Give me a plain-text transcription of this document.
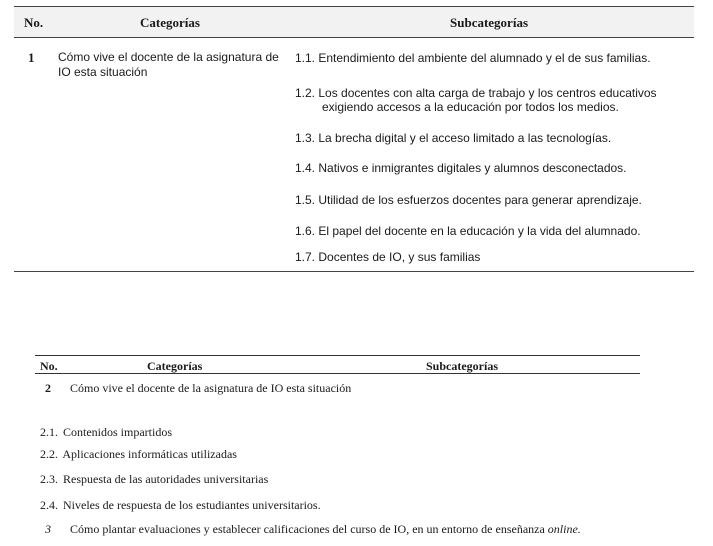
No.	Categorías	Subcategorías
1 Cómo vive el docente de la asignatura de IO esta situación
1.1. Entendimiento del ambiente del alumnado y el de sus familias.
1.2. Los docentes con alta carga de trabajo y los centros educativos
exigiendo accesos a la educación por todos los medios.
1.3. La brecha digital y el acceso limitado a las tecnologías.
1.4. Nativos e inmigrantes digitales y alumnos desconectados.
1.5. Utilidad de los esfuerzos docentes para generar aprendizaje.
1.6. El papel del docente en la educación y la vida del alumnado.
1.7. Docentes de IO, y sus familias
No.	Categorías	Subcategorías
2 Cómo vive el docente de la asignatura de IO esta situación
2.1. Contenidos impartidos
2.2. Aplicaciones informáticas utilizadas
2.3. Respuesta de las autoridades universitarias
2.4. Niveles de respuesta de los estudiantes universitarios.
3 Cómo plantar evaluaciones y establecer calificaciones del curso de IO, en un entorno de enseñanza online.
